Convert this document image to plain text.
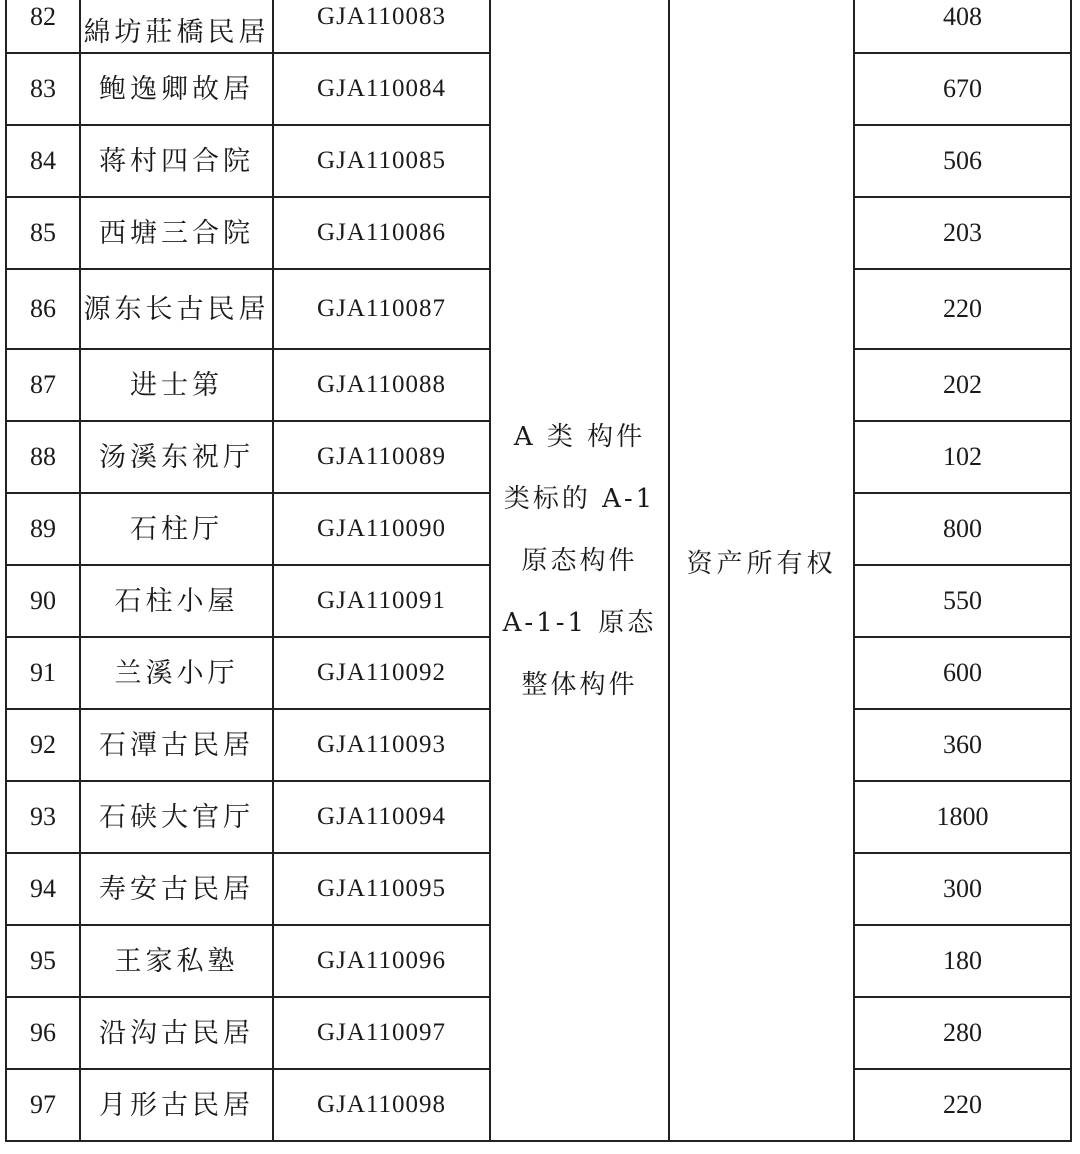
82	綿坊莊橋民居	GJA110083	A 类 构件
类标的 A-1
原态构件
A-1-1 原态
整体构件	资产所有权	408
83	鲍逸卿故居	GJA110084			670
84	蒋村四合院	GJA110085			506
85	西塘三合院	GJA110086			203
86	源东长古民居	GJA110087			220
87	进士第	GJA110088			202
88	汤溪东祝厅	GJA110089			102
89	石柱厅	GJA110090			800
90	石柱小屋	GJA110091			550
91	兰溪小厅	GJA110092			600
92	石潭古民居	GJA110093			360
93	石硖大官厅	GJA110094			1800
94	寿安古民居	GJA110095			300
95	王家私塾	GJA110096			180
96	沿沟古民居	GJA110097			280
97	月形古民居	GJA110098			220
